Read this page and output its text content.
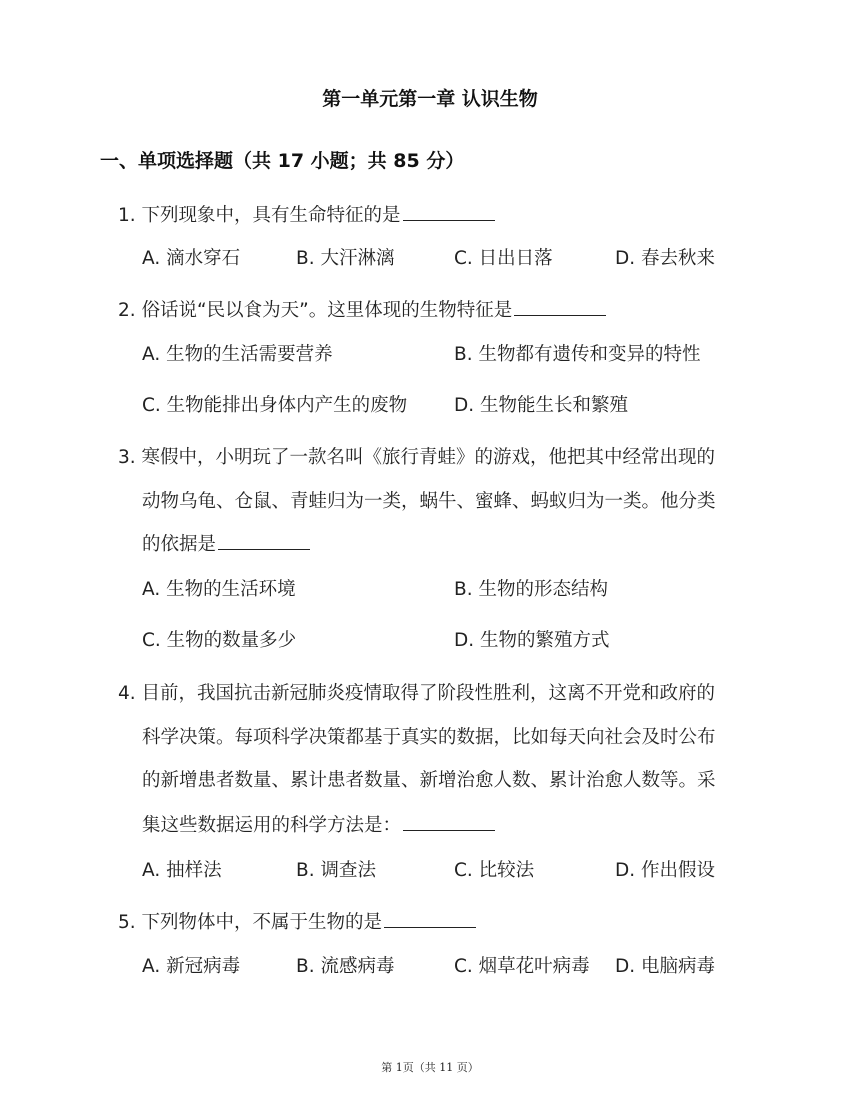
第一单元第一章 认识生物
一、单项选择题（共 17 小题；共 85 分）
1. 下列现象中，具有生命特征的是
A. 滴水穿石	B. 大汗淋漓	C. 日出日落	D. 春去秋来
2. 俗话说“民以食为天”。这里体现的生物特征是
A. 生物的生活需要营养	B. 生物都有遗传和变异的特性
C. 生物能排出身体内产生的废物	D. 生物能生长和繁殖
3. 寒假中，小明玩了一款名叫《旅行青蛙》的游戏，他把其中经常出现的
动物乌龟、仓鼠、青蛙归为一类，蜗牛、蜜蜂、蚂蚁归为一类。他分类
的依据是
A. 生物的生活环境	B. 生物的形态结构
C. 生物的数量多少	D. 生物的繁殖方式
4. 目前，我国抗击新冠肺炎疫情取得了阶段性胜利，这离不开党和政府的
科学决策。每项科学决策都基于真实的数据，比如每天向社会及时公布
的新增患者数量、累计患者数量、新增治愈人数、累计治愈人数等。采
集这些数据运用的科学方法是：
A. 抽样法	B. 调查法	C. 比较法	D. 作出假设
5. 下列物体中，不属于生物的是
A. 新冠病毒	B. 流感病毒	C. 烟草花叶病毒 D. 电脑病毒
第 1页（共 11 页）
